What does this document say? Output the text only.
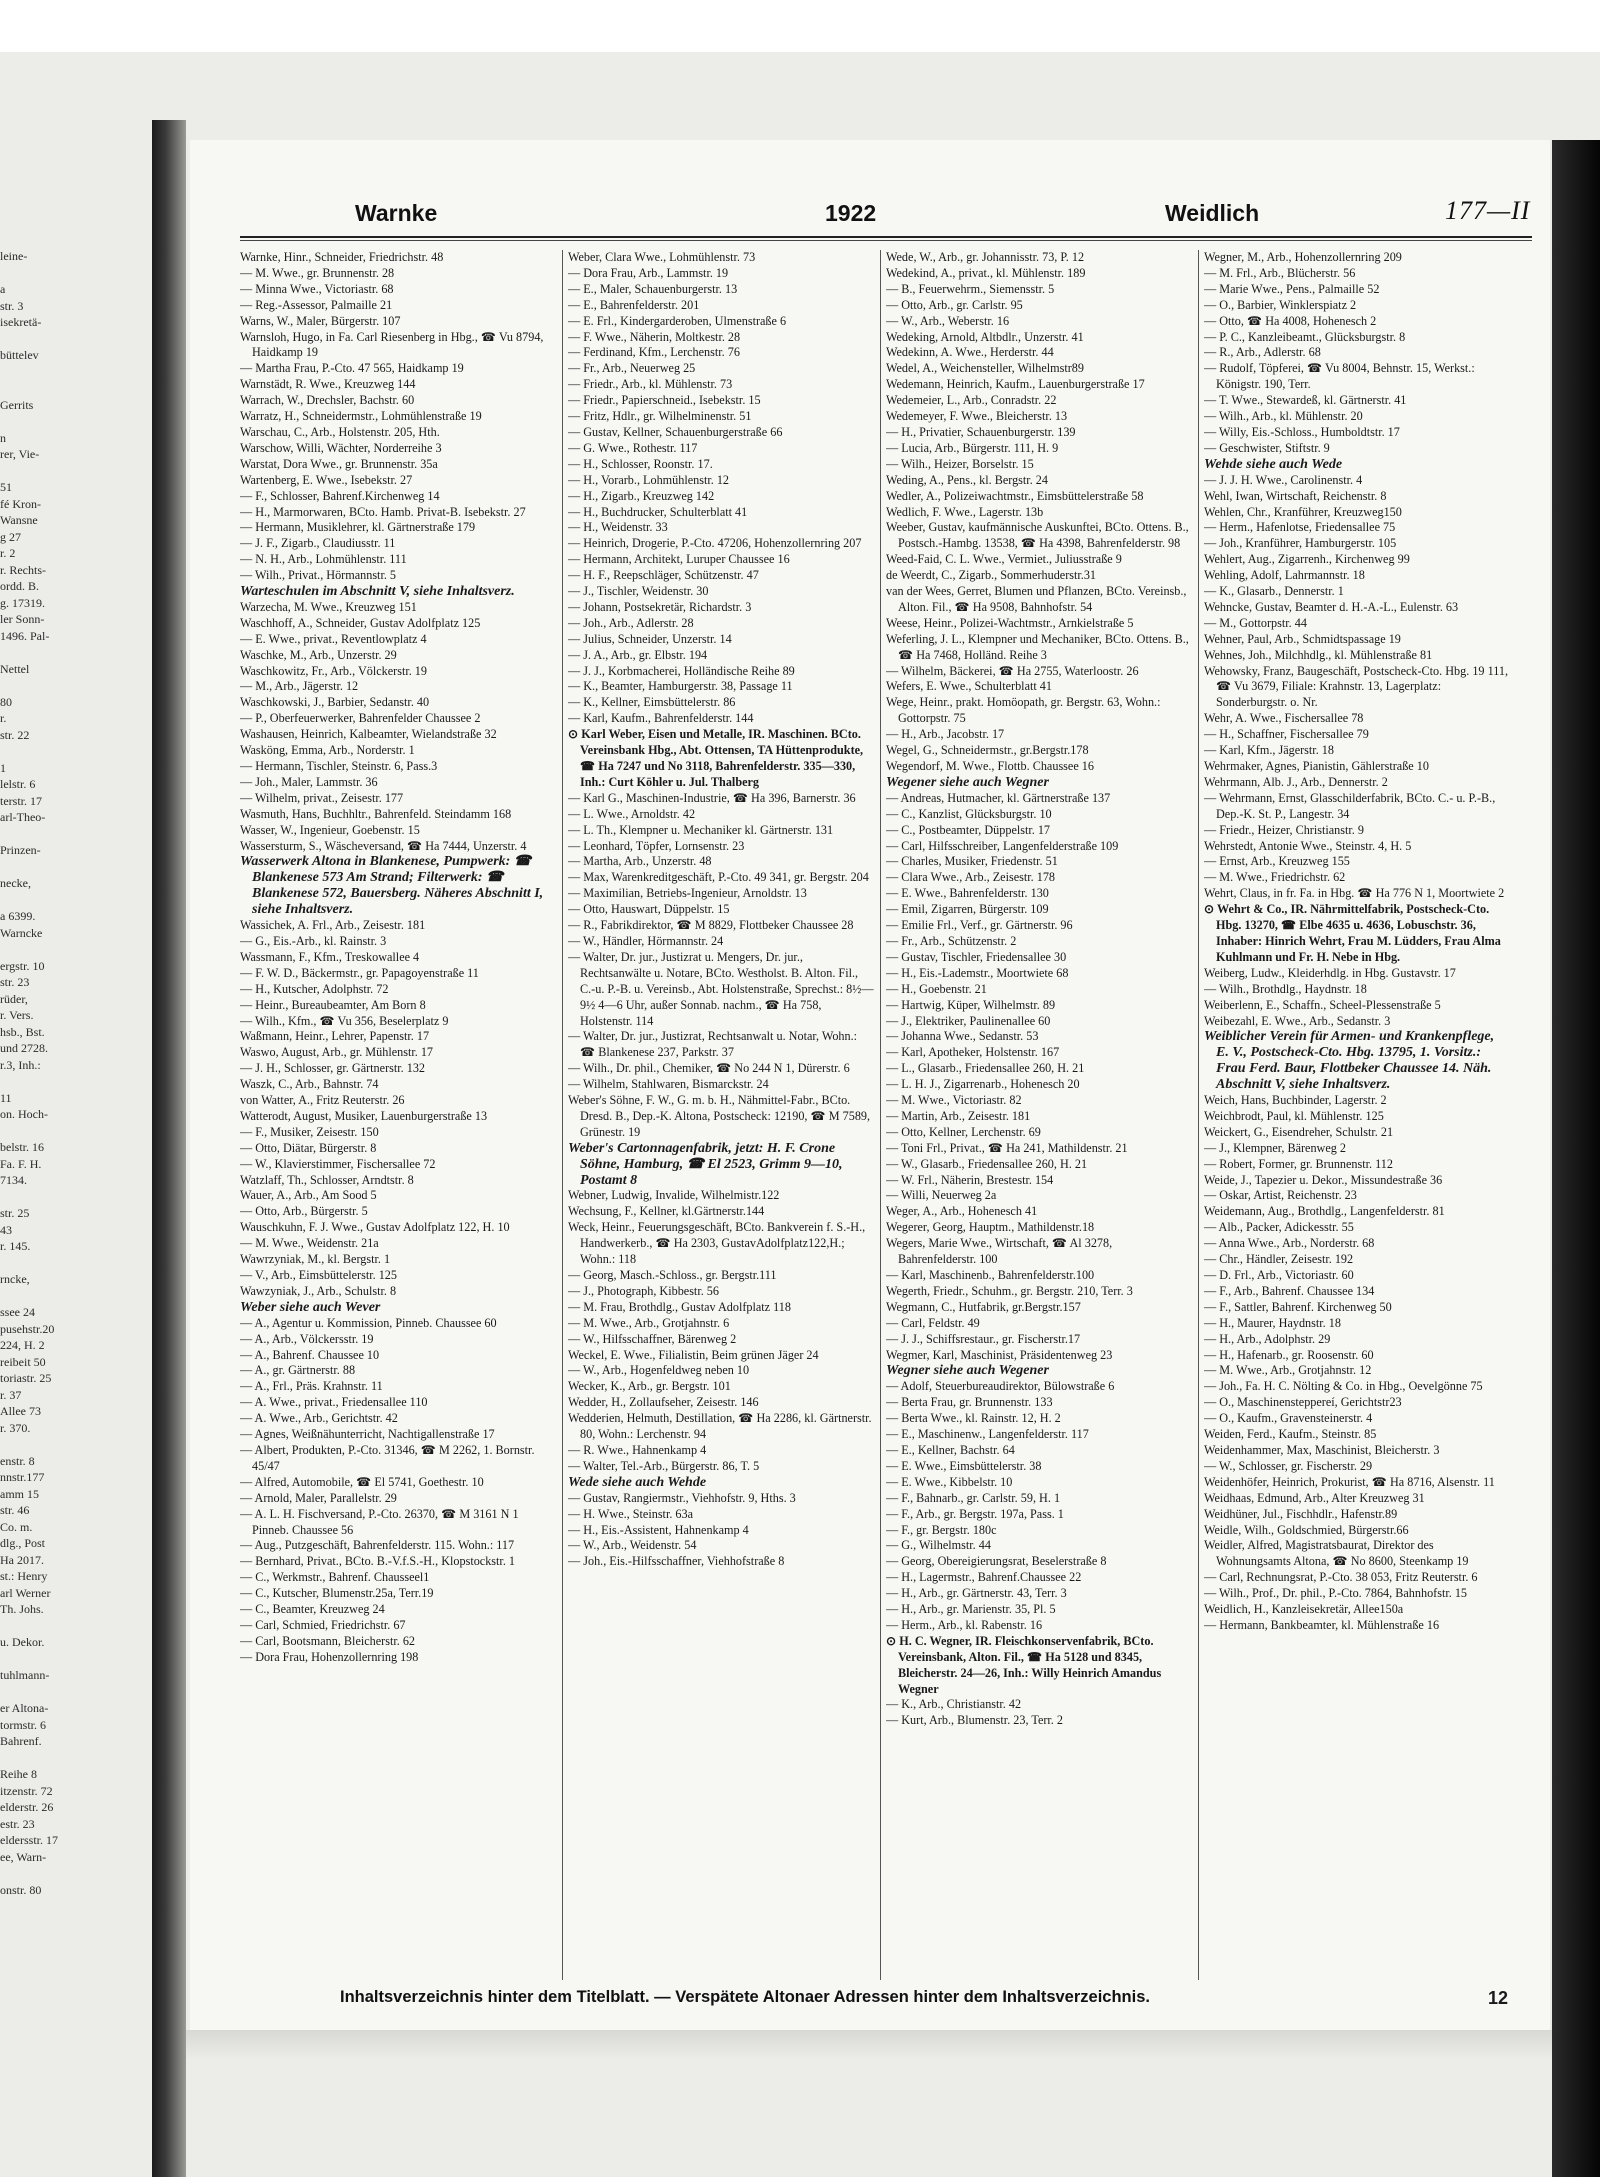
leine-

a
str. 3
isekretä-

büttelev

Gerrits

n
rer, Vie-

51
fé Kron-
Wansne
g 27
r. 2
r. Rechts-
ordd. B.
g. 17319.
ler Sonn-
1496. Pal-

Nettel

80
r.
str. 22

1
lelstr. 6
terstr. 17
arl-Theo-

Prinzen-

necke,

a 6399.
Warncke

ergstr. 10
str. 23
rüder,
r. Vers.
hsb., Bst.
und 2728.
r.3, Inh.:

11
on. Hoch-

belstr. 16
Fa. F. H.
7134.

str. 25
43
r. 145.

rncke,

ssee 24
pusehstr.20
224, H. 2
reibeit 50
toriastr. 25
r. 37
Allee 73
r. 370.

enstr. 8
nnstr.177
amm 15
str. 46
Co. m.
dlg., Post
Ha 2017.
st.: Henry
arl Werner
Th. Johs.

u. Dekor.

tuhlmann-

er Altona-
tormstr. 6
Bahrenf.

Reihe 8
itzenstr. 72
elderstr. 26
estr. 23
eldersstr. 17
ee, Warn-

onstr. 80
Warnke	1922	Weidlich	177—II

Warnke, Hinr., Schneider, Friedrichstr. 48

— M. Wwe., gr. Brunnenstr. 28

— Minna Wwe., Victoriastr. 68

— Reg.-Assessor, Palmaille 21

Warns, W., Maler, Bürgerstr. 107

Warnsloh, Hugo, in Fa. Carl Riesenberg in Hbg., ☎ Vu 8794, Haidkamp 19

— Martha Frau, P.-Cto. 47 565, Haidkamp 19

Warnstädt, R. Wwe., Kreuzweg 144

Warrach, W., Drechsler, Bachstr. 60

Warratz, H., Schneidermstr., Lohmühlenstraße 19

Warschau, C., Arb., Holstenstr. 205, Hth.

Warschow, Willi, Wächter, Norderreihe 3

Warstat, Dora Wwe., gr. Brunnenstr. 35a

Wartenberg, E. Wwe., Isebekstr. 27

— F., Schlosser, Bahrenf.Kirchenweg 14

— H., Marmorwaren, BCto. Hamb. Privat-B. Isebekstr. 27

— Hermann, Musiklehrer, kl. Gärtnerstraße 179

— J. F., Zigarb., Claudiusstr. 11

— N. H., Arb., Lohmühlenstr. 111

— Wilh., Privat., Hörmannstr. 5

Warteschulen im Abschnitt V, siehe Inhaltsverz.

Warzecha, M. Wwe., Kreuzweg 151

Waschhoff, A., Schneider, Gustav Adolfplatz 125

— E. Wwe., privat., Reventlowplatz 4

Waschke, M., Arb., Unzerstr. 29

Waschkowitz, Fr., Arb., Völckerstr. 19

— M., Arb., Jägerstr. 12

Waschkowski, J., Barbier, Sedanstr. 40

— P., Oberfeuerwerker, Bahrenfelder Chaussee 2

Washausen, Heinrich, Kalbeamter, Wielandstraße 32

Wasköng, Emma, Arb., Norderstr. 1

— Hermann, Tischler, Steinstr. 6, Pass.3

— Joh., Maler, Lammstr. 36

— Wilhelm, privat., Zeisestr. 177

Wasmuth, Hans, Buchhltr., Bahrenfeld. Steindamm 168

Wasser, W., Ingenieur, Goebenstr. 15

Wassersturm, S., Wäscheversand, ☎ Ha 7444, Unzerstr. 4

Wasserwerk Altona in Blankenese, Pumpwerk: ☎ Blankenese 573 Am Strand; Filterwerk: ☎ Blankenese 572, Bauersberg. Näheres Abschnitt I, siehe Inhaltsverz.

Wassichek, A. Frl., Arb., Zeisestr. 181

— G., Eis.-Arb., kl. Rainstr. 3

Wassmann, F., Kfm., Treskowallee 4

— F. W. D., Bäckermstr., gr. Papagoyenstraße 11

— H., Kutscher, Adolphstr. 72

— Heinr., Bureaubeamter, Am Born 8

— Wilh., Kfm., ☎ Vu 356, Beselerplatz 9

Waßmann, Heinr., Lehrer, Papenstr. 17

Waswo, August, Arb., gr. Mühlenstr. 17

— J. H., Schlosser, gr. Gärtnerstr. 132

Waszk, C., Arb., Bahnstr. 74

von Watter, A., Fritz Reuterstr. 26

Watterodt, August, Musiker, Lauenburgerstraße 13

— F., Musiker, Zeisestr. 150

— Otto, Diätar, Bürgerstr. 8

— W., Klavierstimmer, Fischersallee 72

Watzlaff, Th., Schlosser, Arndtstr. 8

Wauer, A., Arb., Am Sood 5

— Otto, Arb., Bürgerstr. 5

Wauschkuhn, F. J. Wwe., Gustav Adolfplatz 122, H. 10

— M. Wwe., Weidenstr. 21a

Wawrzyniak, M., kl. Bergstr. 1

— V., Arb., Eimsbüttelerstr. 125

Wawzyniak, J., Arb., Schulstr. 8

Weber siehe auch Wever

— A., Agentur u. Kommission, Pinneb. Chaussee 60

— A., Arb., Völckersstr. 19

— A., Bahrenf. Chaussee 10

— A., gr. Gärtnerstr. 88

— A., Frl., Präs. Krahnstr. 11

— A. Wwe., privat., Friedensallee 110

— A. Wwe., Arb., Gerichtstr. 42

— Agnes, Weißnähunterricht, Nachtigallenstraße 17

— Albert, Produkten, P.-Cto. 31346, ☎ M 2262, 1. Bornstr. 45/47

— Alfred, Automobile, ☎ El 5741, Goethestr. 10

— Arnold, Maler, Parallelstr. 29

— A. L. H. Fischversand, P.-Cto. 26370, ☎ M 3161 N 1 Pinneb. Chaussee 56

— Aug., Putzgeschäft, Bahrenfelderstr. 115. Wohn.: 117

— Bernhard, Privat., BCto. B.-V.f.S.-H., Klopstockstr. 1

— C., Werkmstr., Bahrenf. Chausseel1

— C., Kutscher, Blumenstr.25a, Terr.19

— C., Beamter, Kreuzweg 24

— Carl, Schmied, Friedrichstr. 67

— Carl, Bootsmann, Bleicherstr. 62

— Dora Frau, Hohenzollernring 198

Weber, Clara Wwe., Lohmühlenstr. 73

— Dora Frau, Arb., Lammstr. 19

— E., Maler, Schauenburgerstr. 13

— E., Bahrenfelderstr. 201

— E. Frl., Kindergarderoben, Ulmenstraße 6

— F. Wwe., Näherin, Moltkestr. 28

— Ferdinand, Kfm., Lerchenstr. 76

— Fr., Arb., Neuerweg 25

— Friedr., Arb., kl. Mühlenstr. 73

— Friedr., Papierschneid., Isebekstr. 15

— Fritz, Hdlr., gr. Wilhelminenstr. 51

— Gustav, Kellner, Schauenburgerstraße 66

— G. Wwe., Rothestr. 117

— H., Schlosser, Roonstr. 17.

— H., Vorarb., Lohmühlenstr. 12

— H., Zigarb., Kreuzweg 142

— H., Buchdrucker, Schulterblatt 41

— H., Weidenstr. 33

— Heinrich, Drogerie, P.-Cto. 47206, Hohenzollernring 207

— Hermann, Architekt, Luruper Chaussee 16

— H. F., Reepschläger, Schützenstr. 47

— J., Tischler, Weidenstr. 30

— Johann, Postsekretär, Richardstr. 3

— Joh., Arb., Adlerstr. 28

— Julius, Schneider, Unzerstr. 14

— J. A., Arb., gr. Elbstr. 194

— J. J., Korbmacherei, Holländische Reihe 89

— K., Beamter, Hamburgerstr. 38, Passage 11

— K., Kellner, Eimsbüttelerstr. 86

— Karl, Kaufm., Bahrenfelderstr. 144

⊙ Karl Weber, Eisen und Metalle, IR. Maschinen. BCto. Vereinsbank Hbg., Abt. Ottensen, TA Hüttenprodukte, ☎ Ha 7247 und No 3118, Bahrenfelderstr. 335—330, Inh.: Curt Köhler u. Jul. Thalberg

— Karl G., Maschinen-Industrie, ☎ Ha 396, Barnerstr. 36

— L. Wwe., Arnoldstr. 42

— L. Th., Klempner u. Mechaniker kl. Gärtnerstr. 131

— Leonhard, Töpfer, Lornsenstr. 23

— Martha, Arb., Unzerstr. 48

— Max, Warenkreditgeschäft, P.-Cto. 49 341, gr. Bergstr. 204

— Maximilian, Betriebs-Ingenieur, Arnoldstr. 13

— Otto, Hauswart, Düppelstr. 15

— R., Fabrikdirektor, ☎ M 8829, Flottbeker Chaussee 28

— W., Händler, Hörmannstr. 24

— Walter, Dr. jur., Justizrat u. Mengers, Dr. jur., Rechtsanwälte u. Notare, BCto. Westholst. B. Alton. Fil., C.-u. P.-B. u. Vereinsb., Abt. Holstenstraße, Sprechst.: 8½—9½ 4—6 Uhr, außer Sonnab. nachm., ☎ Ha 758, Holstenstr. 114

— Walter, Dr. jur., Justizrat, Rechtsanwalt u. Notar, Wohn.: ☎ Blankenese 237, Parkstr. 37

— Wilh., Dr. phil., Chemiker, ☎ No 244 N 1, Dürerstr. 6

— Wilhelm, Stahlwaren, Bismarckstr. 24

Weber's Söhne, F. W., G. m. b. H., Nähmittel-Fabr., BCto. Dresd. B., Dep.-K. Altona, Postscheck: 12190, ☎ M 7589, Grünestr. 19

Weber's Cartonnagenfabrik, jetzt: H. F. Crone Söhne, Hamburg, ☎ El 2523, Grimm 9—10, Postamt 8

Webner, Ludwig, Invalide, Wilhelmistr.122

Wechsung, F., Kellner, kl.Gärtnerstr.144

Weck, Heinr., Feuerungsgeschäft, BCto. Bankverein f. S.-H., Handwerkerb., ☎ Ha 2303, GustavAdolfplatz122,H.; Wohn.: 118

— Georg, Masch.-Schloss., gr. Bergstr.111

— J., Photograph, Kibbestr. 56

— M. Frau, Brothdlg., Gustav Adolfplatz 118

— M. Wwe., Arb., Grotjahnstr. 6

— W., Hilfsschaffner, Bärenweg 2

Weckel, E. Wwe., Filialistin, Beim grünen Jäger 24

— W., Arb., Hogenfeldweg neben 10

Wecker, K., Arb., gr. Bergstr. 101

Wedder, H., Zollaufseher, Zeisestr. 146

Wedderien, Helmuth, Destillation, ☎ Ha 2286, kl. Gärtnerstr. 80, Wohn.: Lerchenstr. 94

— R. Wwe., Hahnenkamp 4

— Walter, Tel.-Arb., Bürgerstr. 86, T. 5

Wede siehe auch Wehde

— Gustav, Rangiermstr., Viehhofstr. 9, Hths. 3

— H. Wwe., Steinstr. 63a

— H., Eis.-Assistent, Hahnenkamp 4

— W., Arb., Weidenstr. 54

— Joh., Eis.-Hilfsschaffner, Viehhofstraße 8

Wede, W., Arb., gr. Johannisstr. 73, P. 12

Wedekind, A., privat., kl. Mühlenstr. 189

— B., Feuerwehrm., Siemensstr. 5

— Otto, Arb., gr. Carlstr. 95

— W., Arb., Weberstr. 16

Wedeking, Arnold, Altbdlr., Unzerstr. 41

Wedekinn, A. Wwe., Herderstr. 44

Wedel, A., Weichensteller, Wilhelmstr89

Wedemann, Heinrich, Kaufm., Lauenburgerstraße 17

Wedemeier, L., Arb., Conradstr. 22

Wedemeyer, F. Wwe., Bleicherstr. 13

— H., Privatier, Schauenburgerstr. 139

— Lucia, Arb., Bürgerstr. 111, H. 9

— Wilh., Heizer, Borselstr. 15

Weding, A., Pens., kl. Bergstr. 24

Wedler, A., Polizeiwachtmstr., Eimsbüttelerstraße 58

Wedlich, F. Wwe., Lagerstr. 13b

Weeber, Gustav, kaufmännische Auskunftei, BCto. Ottens. B., Postsch.-Hambg. 13538, ☎ Ha 4398, Bahrenfelderstr. 98

Weed-Faid, C. L. Wwe., Vermiet., Juliusstraße 9

de Weerdt, C., Zigarb., Sommerhuderstr.31

van der Wees, Gerret, Blumen und Pflanzen, BCto. Vereinsb., Alton. Fil., ☎ Ha 9508, Bahnhofstr. 54

Weese, Heinr., Polizei-Wachtmstr., Arnkielstraße 5

Weferling, J. L., Klempner und Mechaniker, BCto. Ottens. B., ☎ Ha 7468, Holländ. Reihe 3

— Wilhelm, Bäckerei, ☎ Ha 2755, Waterloostr. 26

Wefers, E. Wwe., Schulterblatt 41

Wege, Heinr., prakt. Homöopath, gr. Bergstr. 63, Wohn.: Gottorpstr. 75

— H., Arb., Jacobstr. 17

Wegel, G., Schneidermstr., gr.Bergstr.178

Wegendorf, M. Wwe., Flottb. Chaussee 16

Wegener siehe auch Wegner

— Andreas, Hutmacher, kl. Gärtnerstraße 137

— C., Kanzlist, Glücksburgstr. 10

— C., Postbeamter, Düppelstr. 17

— Carl, Hilfsschreiber, Langenfelderstraße 109

— Charles, Musiker, Friedenstr. 51

— Clara Wwe., Arb., Zeisestr. 178

— E. Wwe., Bahrenfelderstr. 130

— Emil, Zigarren, Bürgerstr. 109

— Emilie Frl., Verf., gr. Gärtnerstr. 96

— Fr., Arb., Schützenstr. 2

— Gustav, Tischler, Friedensallee 30

— H., Eis.-Lademstr., Moortwiete 68

— H., Goebenstr. 21

— Hartwig, Küper, Wilhelmstr. 89

— J., Elektriker, Paulinenallee 60

— Johanna Wwe., Sedanstr. 53

— Karl, Apotheker, Holstenstr. 167

— L., Glasarb., Friedensallee 260, H. 21

— L. H. J., Zigarrenarb., Hohenesch 20

— M. Wwe., Victoriastr. 82

— Martin, Arb., Zeisestr. 181

— Otto, Kellner, Lerchenstr. 69

— Toni Frl., Privat., ☎ Ha 241, Mathildenstr. 21

— W., Glasarb., Friedensallee 260, H. 21

— W. Frl., Näherin, Brestestr. 154

— Willi, Neuerweg 2a

Weger, A., Arb., Hohenesch 41

Wegerer, Georg, Hauptm., Mathildenstr.18

Wegers, Marie Wwe., Wirtschaft, ☎ Al 3278, Bahrenfelderstr. 100

— Karl, Maschinenb., Bahrenfelderstr.100

Wegerth, Friedr., Schuhm., gr. Bergstr. 210, Terr. 3

Wegmann, C., Hutfabrik, gr.Bergstr.157

— Carl, Feldstr. 49

— J. J., Schiffsrestaur., gr. Fischerstr.17

Wegmer, Karl, Maschinist, Präsidentenweg 23

Wegner siehe auch Wegener

— Adolf, Steuerbureaudirektor, Bülowstraße 6

— Berta Frau, gr. Brunnenstr. 133

— Berta Wwe., kl. Rainstr. 12, H. 2

— E., Maschinenw., Langenfelderstr. 117

— E., Kellner, Bachstr. 64

— E. Wwe., Eimsbüttelerstr. 38

— E. Wwe., Kibbelstr. 10

— F., Bahnarb., gr. Carlstr. 59, H. 1

— F., Arb., gr. Bergstr. 197a, Pass. 1

— F., gr. Bergstr. 180c

— G., Wilhelmstr. 44

— Georg, Obereigierungsrat, Beselerstraße 8

— H., Lagermstr., Bahrenf.Chaussee 22

— H., Arb., gr. Gärtnerstr. 43, Terr. 3

— H., Arb., gr. Marienstr. 35, Pl. 5

— Herm., Arb., kl. Rabenstr. 16

⊙ H. C. Wegner, IR. Fleischkonservenfabrik, BCto. Vereinsbank, Alton. Fil., ☎ Ha 5128 und 8345, Bleicherstr. 24—26, Inh.: Willy Heinrich Amandus Wegner

— K., Arb., Christianstr. 42

— Kurt, Arb., Blumenstr. 23, Terr. 2

Wegner, M., Arb., Hohenzollernring 209

— M. Frl., Arb., Blücherstr. 56

— Marie Wwe., Pens., Palmaille 52

— O., Barbier, Winklerspiatz 2

— Otto, ☎ Ha 4008, Hohenesch 2

— P. C., Kanzleibeamt., Glücksburgstr. 8

— R., Arb., Adlerstr. 68

— Rudolf, Töpferei, ☎ Vu 8004, Behnstr. 15, Werkst.: Königstr. 190, Terr.

— T. Wwe., Stewardeß, kl. Gärtnerstr. 41

— Wilh., Arb., kl. Mühlenstr. 20

— Willy, Eis.-Schloss., Humboldtstr. 17

— Geschwister, Stiftstr. 9

Wehde siehe auch Wede

— J. J. H. Wwe., Carolinenstr. 4

Wehl, Iwan, Wirtschaft, Reichenstr. 8

Wehlen, Chr., Kranführer, Kreuzweg150

— Herm., Hafenlotse, Friedensallee 75

— Joh., Kranführer, Hamburgerstr. 105

Wehlert, Aug., Zigarrenh., Kirchenweg 99

Wehling, Adolf, Lahrmannstr. 18

— K., Glasarb., Dennerstr. 1

Wehncke, Gustav, Beamter d. H.-A.-L., Eulenstr. 63

— M., Gottorpstr. 44

Wehner, Paul, Arb., Schmidtspassage 19

Wehnes, Joh., Milchhdlg., kl. Mühlenstraße 81

Wehowsky, Franz, Baugeschäft, Postscheck-Cto. Hbg. 19 111, ☎ Vu 3679, Filiale: Krahnstr. 13, Lagerplatz: Sonderburgstr. o. Nr.

Wehr, A. Wwe., Fischersallee 78

— H., Schaffner, Fischersallee 79

— Karl, Kfm., Jägerstr. 18

Wehrmaker, Agnes, Pianistin, Gählerstraße 10

Wehrmann, Alb. J., Arb., Dennerstr. 2

— Wehrmann, Ernst, Glasschilderfabrik, BCto. C.- u. P.-B., Dep.-K. St. P., Langestr. 34

— Friedr., Heizer, Christianstr. 9

Wehrstedt, Antonie Wwe., Steinstr. 4, H. 5

— Ernst, Arb., Kreuzweg 155

— M. Wwe., Friedrichstr. 62

Wehrt, Claus, in fr. Fa. in Hbg. ☎ Ha 776 N 1, Moortwiete 2

⊙ Wehrt & Co., IR. Nährmittelfabrik, Postscheck-Cto. Hbg. 13270, ☎ Elbe 4635 u. 4636, Lobuschstr. 36, Inhaber: Hinrich Wehrt, Frau M. Lüdders, Frau Alma Kuhlmann und Fr. H. Nebe in Hbg.

Weiberg, Ludw., Kleiderhdlg. in Hbg. Gustavstr. 17

— Wilh., Brothdlg., Haydnstr. 18

Weiberlenn, E., Schaffn., Scheel-Plessenstraße 5

Weibezahl, E. Wwe., Arb., Sedanstr. 3

Weiblicher Verein für Armen- und Krankenpflege, E. V., Postscheck-Cto. Hbg. 13795, 1. Vorsitz.: Frau Ferd. Baur, Flottbeker Chaussee 14. Näh. Abschnitt V, siehe Inhaltsverz.

Weich, Hans, Buchbinder, Lagerstr. 2

Weichbrodt, Paul, kl. Mühlenstr. 125

Weickert, G., Eisendreher, Schulstr. 21

— J., Klempner, Bärenweg 2

— Robert, Former, gr. Brunnenstr. 112

Weide, J., Tapezier u. Dekor., Missundestraße 36

— Oskar, Artist, Reichenstr. 23

Weidemann, Aug., Brothdlg., Langenfelderstr. 81

— Alb., Packer, Adickesstr. 55

— Anna Wwe., Arb., Norderstr. 68

— Chr., Händler, Zeisestr. 192

— D. Frl., Arb., Victoriastr. 60

— F., Arb., Bahrenf. Chaussee 134

— F., Sattler, Bahrenf. Kirchenweg 50

— H., Maurer, Haydnstr. 18

— H., Arb., Adolphstr. 29

— H., Hafenarb., gr. Roosenstr. 60

— M. Wwe., Arb., Grotjahnstr. 12

— Joh., Fa. H. C. Nölting & Co. in Hbg., Oevelgönne 75

— O., Maschinensteppereí, Gerichtstr23

— O., Kaufm., Gravensteinerstr. 4

Weiden, Ferd., Kaufm., Steinstr. 85

Weidenhammer, Max, Maschinist, Bleicherstr. 3

— W., Schlosser, gr. Fischerstr. 29

Weidenhöfer, Heinrich, Prokurist, ☎ Ha 8716, Alsenstr. 11

Weidhaas, Edmund, Arb., Alter Kreuzweg 31

Weidhüner, Jul., Fischhdlr., Hafenstr.89

Weidle, Wilh., Goldschmied, Bürgerstr.66

Weidler, Alfred, Magistratsbaurat, Direktor des Wohnungsamts Altona, ☎ No 8600, Steenkamp 19

— Carl, Rechnungsrat, P.-Cto. 38 053, Fritz Reuterstr. 6

— Wilh., Prof., Dr. phil., P.-Cto. 7864, Bahnhofstr. 15

Weidlich, H., Kanzleisekretär, Allee150a

— Hermann, Bankbeamter, kl. Mühlenstraße 16

Inhaltsverzeichnis hinter dem Titelblatt. — Verspätete Altonaer Adressen hinter dem Inhaltsverzeichnis.	12
